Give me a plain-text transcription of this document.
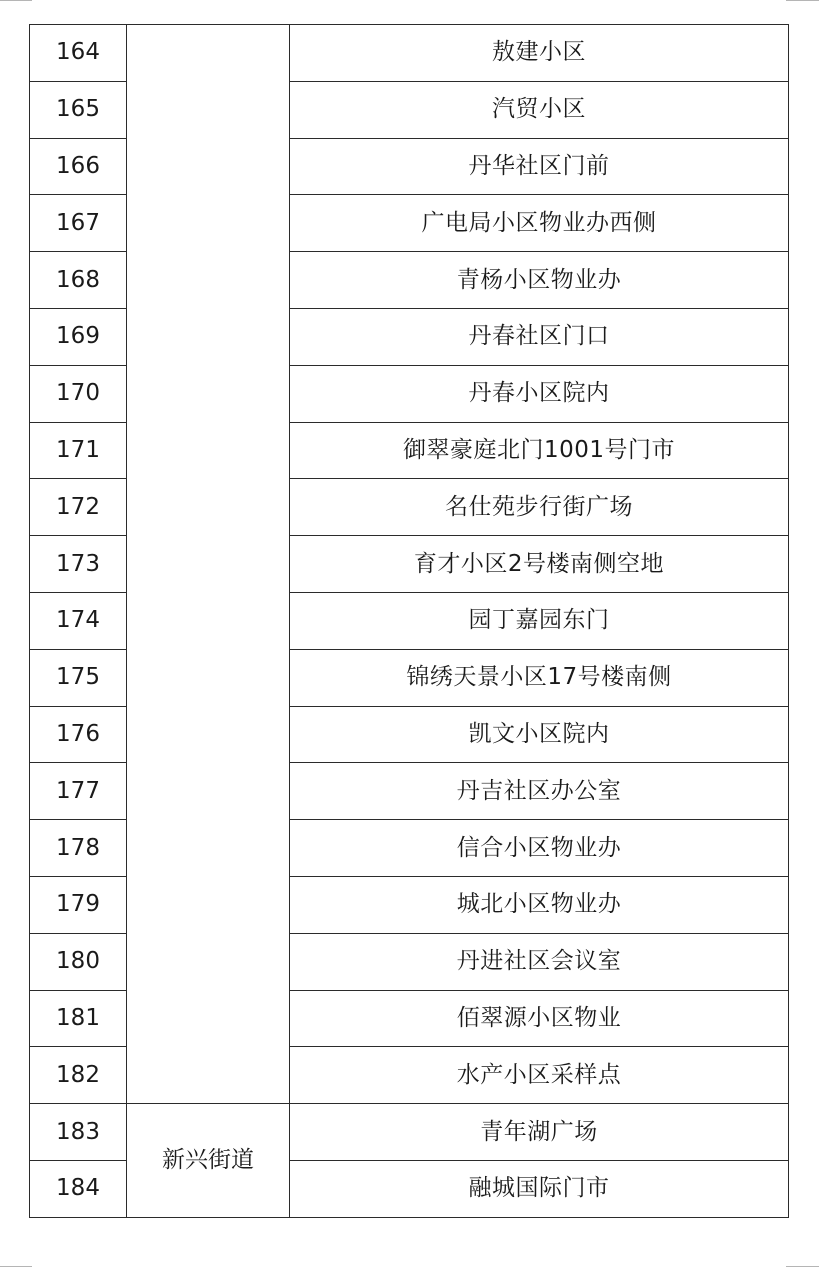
164		敖建小区
165		汽贸小区
166		丹华社区门前
167		广电局小区物业办西侧
168		青杨小区物业办
169		丹春社区门口
170		丹春小区院内
171		御翠豪庭北门1001号门市
172		名仕苑步行街广场
173		育才小区2号楼南侧空地
174		园丁嘉园东门
175		锦绣天景小区17号楼南侧
176		凯文小区院内
177		丹吉社区办公室
178		信合小区物业办
179		城北小区物业办
180		丹进社区会议室
181		佰翠源小区物业
182		水产小区采样点
183	新兴街道	青年湖广场
184		融城国际门市
